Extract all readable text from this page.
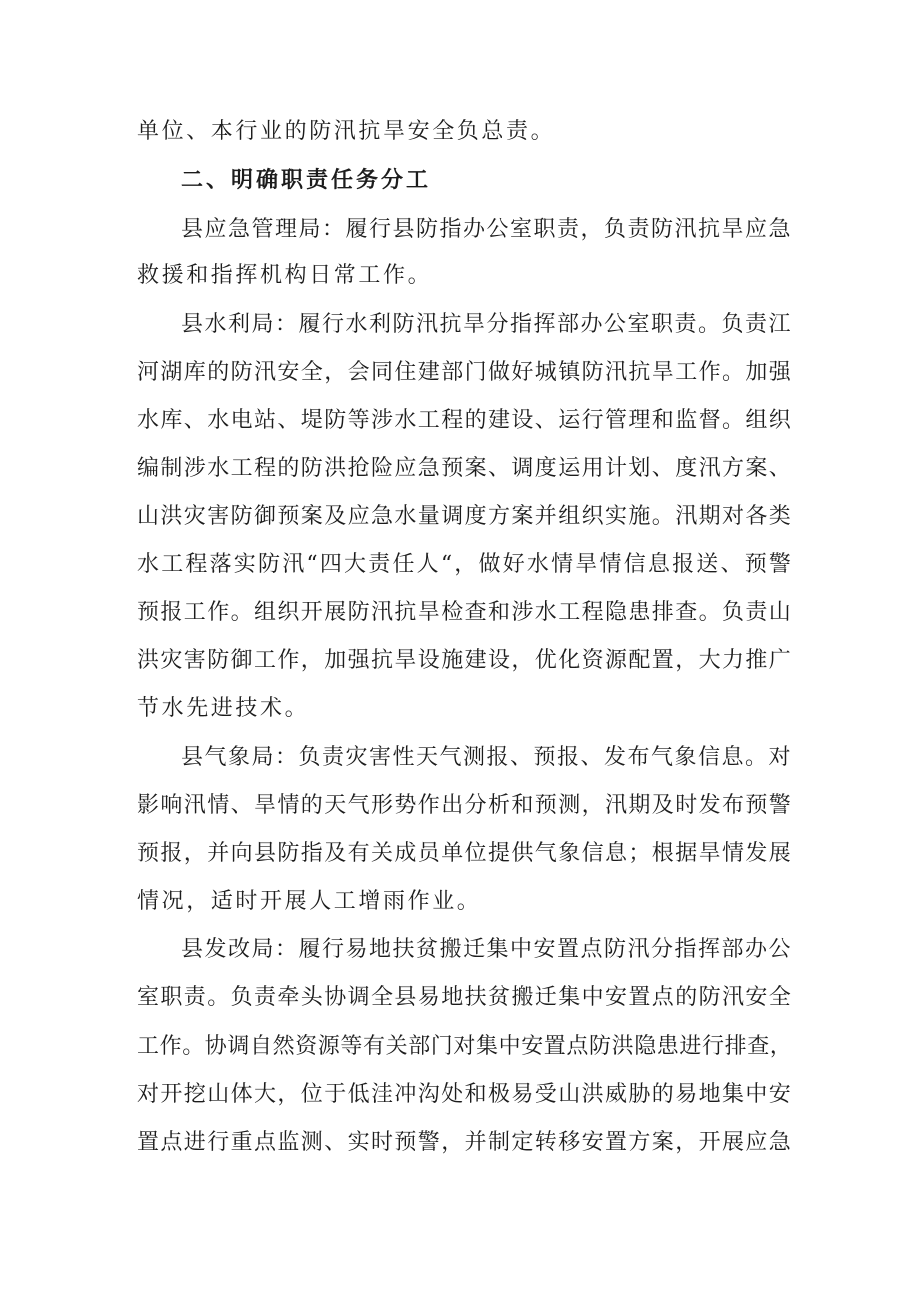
单位、本行业的防汛抗旱安全负总责。

二、明确职责任务分工

县应急管理局：履行县防指办公室职责，负责防汛抗旱应急

救援和指挥机构日常工作。

县水利局：履行水利防汛抗旱分指挥部办公室职责。负责江

河湖库的防汛安全，会同住建部门做好城镇防汛抗旱工作。加强

水库、水电站、堤防等涉水工程的建设、运行管理和监督。组织

编制涉水工程的防洪抢险应急预案、调度运用计划、度汛方案、

山洪灾害防御预案及应急水量调度方案并组织实施。汛期对各类

水工程落实防汛“四大责任人“，做好水情旱情信息报送、预警

预报工作。组织开展防汛抗旱检查和涉水工程隐患排查。负责山

洪灾害防御工作，加强抗旱设施建设，优化资源配置，大力推广

节水先进技术。

县气象局：负责灾害性天气测报、预报、发布气象信息。对

影响汛情、旱情的天气形势作出分析和预测，汛期及时发布预警

预报，并向县防指及有关成员单位提供气象信息；根据旱情发展

情况，适时开展人工增雨作业。

县发改局：履行易地扶贫搬迁集中安置点防汛分指挥部办公

室职责。负责牵头协调全县易地扶贫搬迁集中安置点的防汛安全

工作。协调自然资源等有关部门对集中安置点防洪隐患进行排查，

对开挖山体大，位于低洼冲沟处和极易受山洪威胁的易地集中安

置点进行重点监测、实时预警，并制定转移安置方案，开展应急
